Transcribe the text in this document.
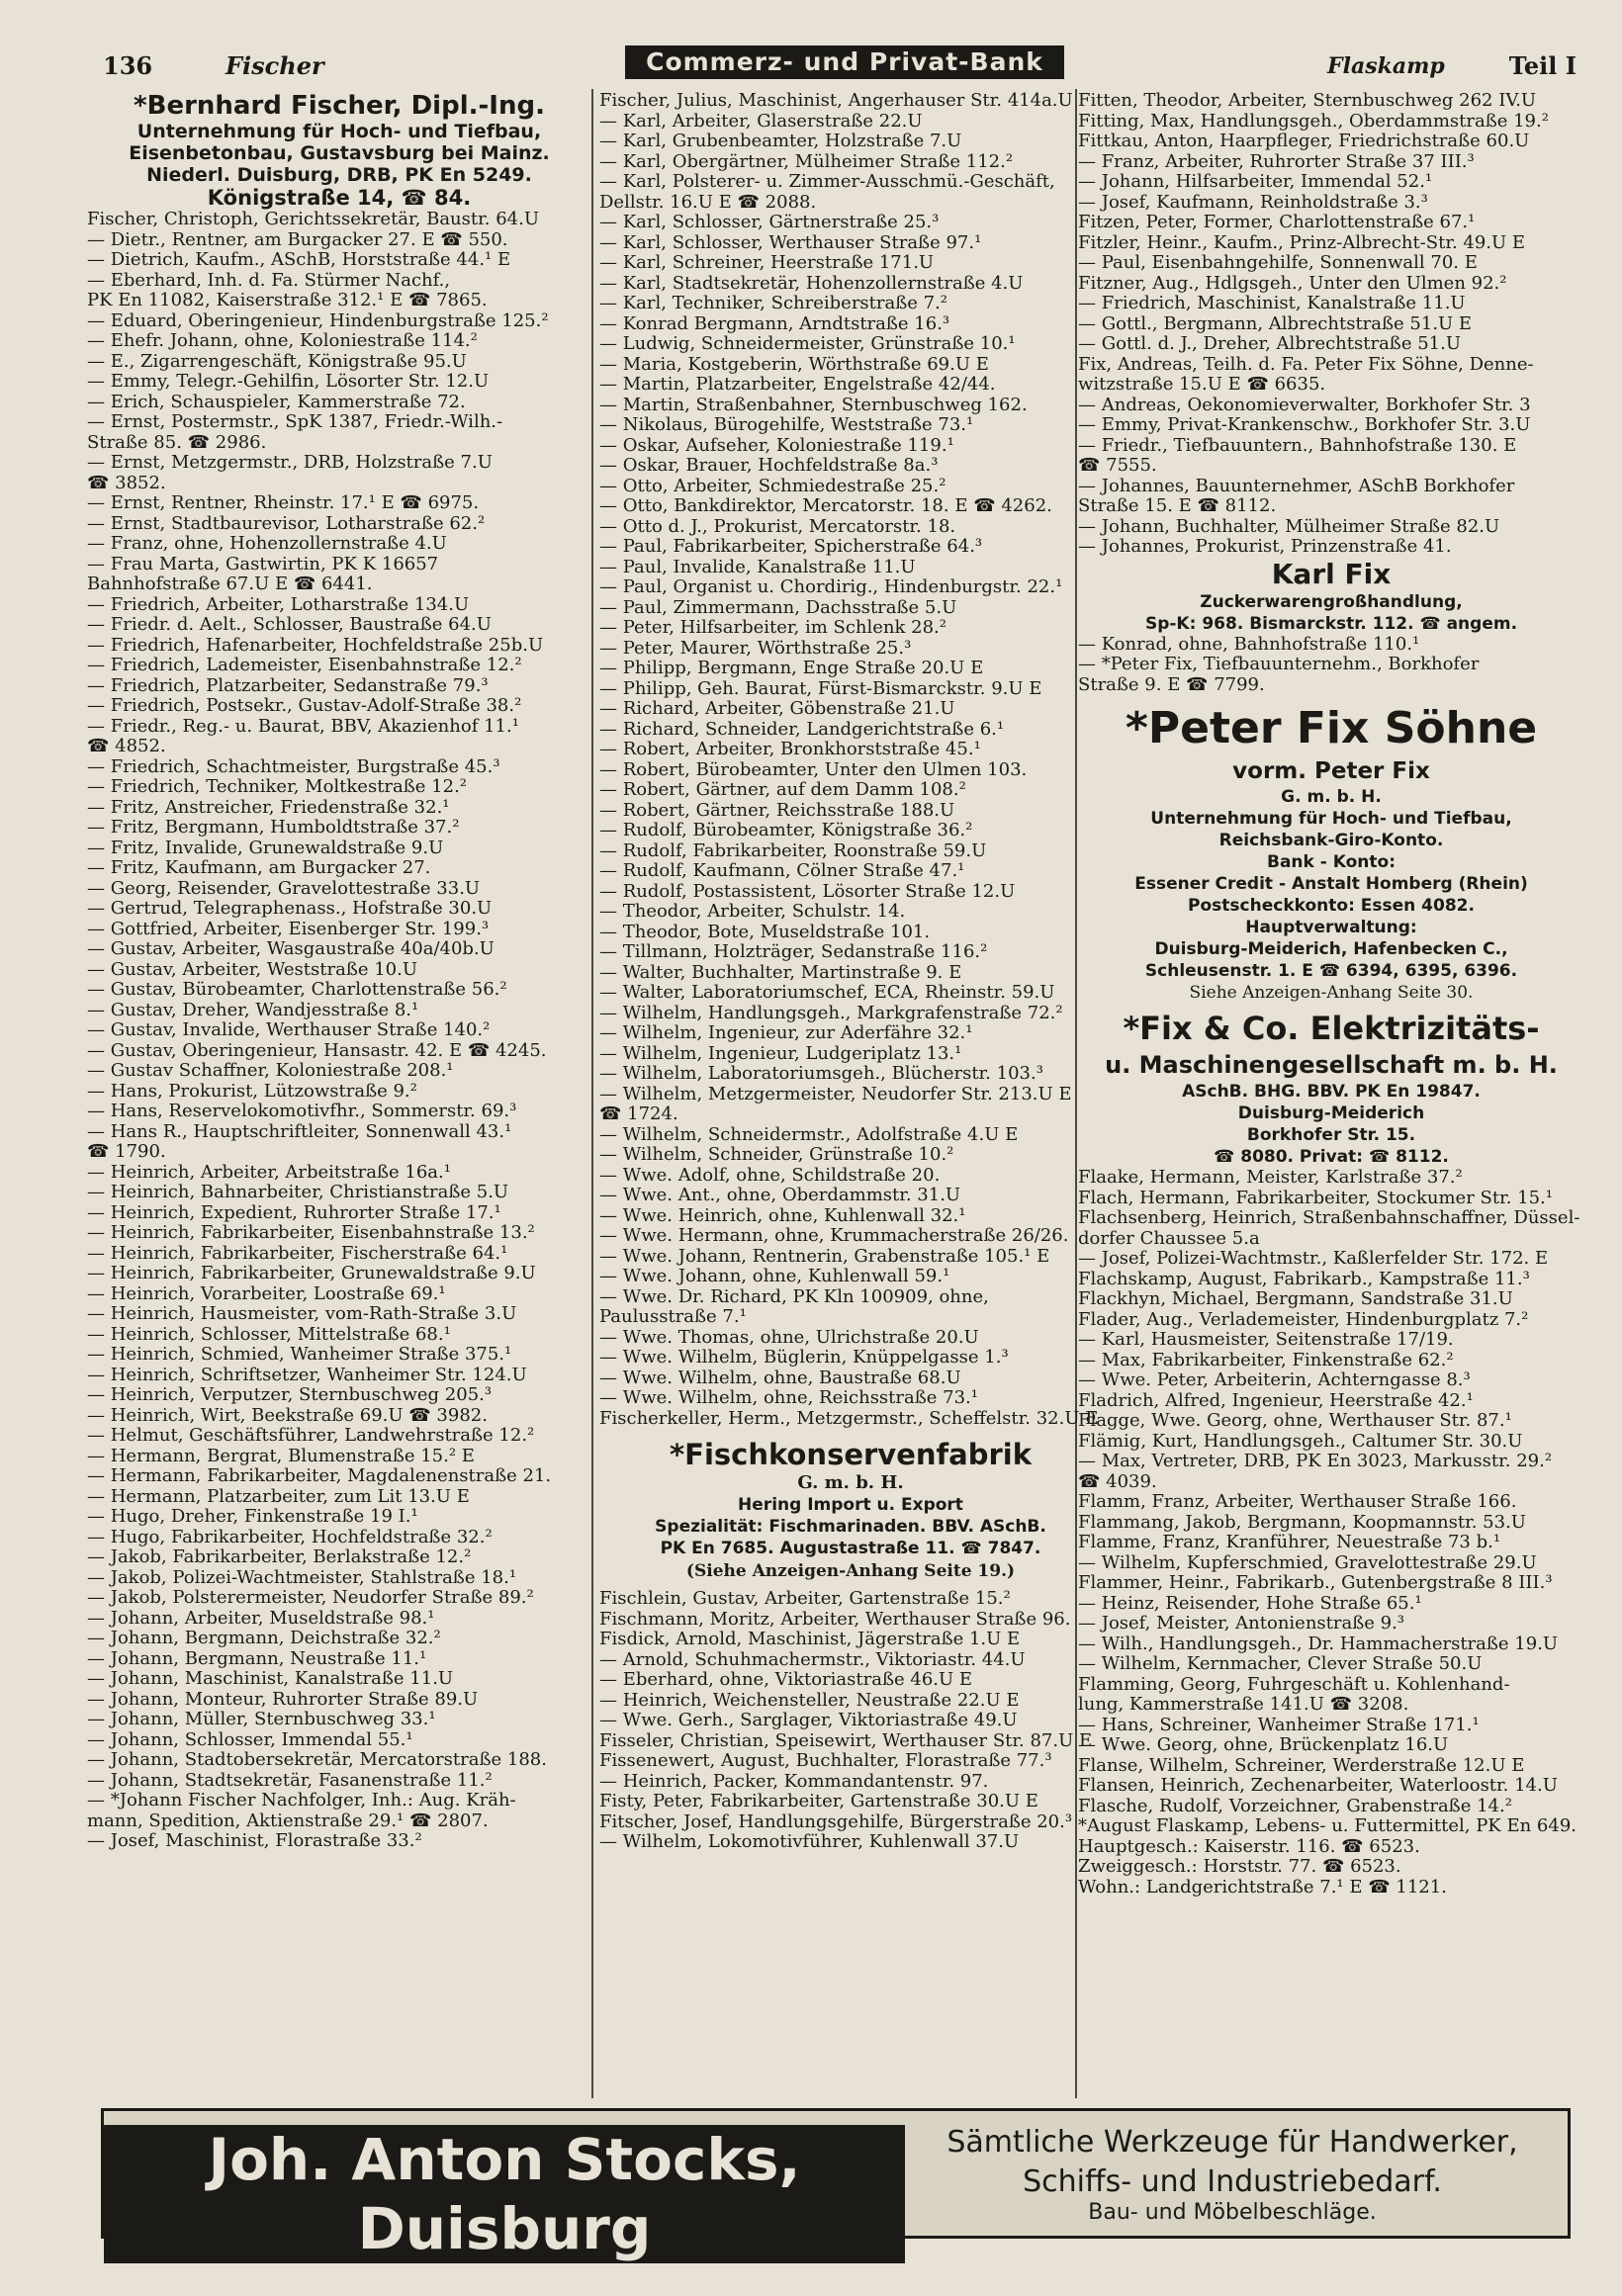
136	Fischer	Commerz- und Privat-Bank	Flaskamp	Teil I
*Bernhard Fischer, Dipl.-Ing.
Unternehmung für Hoch- und Tiefbau,
Eisenbetonbau, Gustavsburg bei Mainz.
Niederl. Duisburg, DRB, PK En 5249.
Königstraße 14, ☎ 84.
Fischer, Christoph, Gerichtssekretär, Baustr. 64.U
— Dietr., Rentner, am Burgacker 27. E ☎ 550.
— Dietrich, Kaufm., ASchB, Horststraße 44.¹ E
— Eberhard, Inh. d. Fa. Stürmer Nachf.,
PK En 11082, Kaiserstraße 312.¹ E ☎ 7865.
— Eduard, Oberingenieur, Hindenburgstraße 125.²
— Ehefr. Johann, ohne, Koloniestraße 114.²
— E., Zigarrengeschäft, Königstraße 95.U
— Emmy, Telegr.-Gehilfin, Lösorter Str. 12.U
— Erich, Schauspieler, Kammerstraße 72.
— Ernst, Postermstr., SpK 1387, Friedr.-Wilh.-
Straße 85. ☎ 2986.
— Ernst, Metzgermstr., DRB, Holzstraße 7.U
☎ 3852.
— Ernst, Rentner, Rheinstr. 17.¹ E ☎ 6975.
— Ernst, Stadtbaurevisor, Lotharstraße 62.²
— Franz, ohne, Hohenzollernstraße 4.U
— Frau Marta, Gastwirtin, PK K 16657
Bahnhofstraße 67.U E ☎ 6441.
— Friedrich, Arbeiter, Lotharstraße 134.U
— Friedr. d. Aelt., Schlosser, Baustraße 64.U
— Friedrich, Hafenarbeiter, Hochfeldstraße 25b.U
— Friedrich, Lademeister, Eisenbahnstraße 12.²
— Friedrich, Platzarbeiter, Sedanstraße 79.³
— Friedrich, Postsekr., Gustav-Adolf-Straße 38.²
— Friedr., Reg.- u. Baurat, BBV, Akazienhof 11.¹
☎ 4852.
— Friedrich, Schachtmeister, Burgstraße 45.³
— Friedrich, Techniker, Moltkestraße 12.²
— Fritz, Anstreicher, Friedenstraße 32.¹
— Fritz, Bergmann, Humboldtstraße 37.²
— Fritz, Invalide, Grunewaldstraße 9.U
— Fritz, Kaufmann, am Burgacker 27.
— Georg, Reisender, Gravelottestraße 33.U
— Gertrud, Telegraphenass., Hofstraße 30.U
— Gottfried, Arbeiter, Eisenberger Str. 199.³
— Gustav, Arbeiter, Wasgaustraße 40a/40b.U
— Gustav, Arbeiter, Weststraße 10.U
— Gustav, Bürobeamter, Charlottenstraße 56.²
— Gustav, Dreher, Wandjesstraße 8.¹
— Gustav, Invalide, Werthauser Straße 140.²
— Gustav, Oberingenieur, Hansastr. 42. E ☎ 4245.
— Gustav Schaffner, Koloniestraße 208.¹
— Hans, Prokurist, Lützowstraße 9.²
— Hans, Reservelokomotivfhr., Sommerstr. 69.³
— Hans R., Hauptschriftleiter, Sonnenwall 43.¹
☎ 1790.
— Heinrich, Arbeiter, Arbeitstraße 16a.¹
— Heinrich, Bahnarbeiter, Christianstraße 5.U
— Heinrich, Expedient, Ruhrorter Straße 17.¹
— Heinrich, Fabrikarbeiter, Eisenbahnstraße 13.²
— Heinrich, Fabrikarbeiter, Fischerstraße 64.¹
— Heinrich, Fabrikarbeiter, Grunewaldstraße 9.U
— Heinrich, Vorarbeiter, Loostraße 69.¹
— Heinrich, Hausmeister, vom-Rath-Straße 3.U
— Heinrich, Schlosser, Mittelstraße 68.¹
— Heinrich, Schmied, Wanheimer Straße 375.¹
— Heinrich, Schriftsetzer, Wanheimer Str. 124.U
— Heinrich, Verputzer, Sternbuschweg 205.³
— Heinrich, Wirt, Beekstraße 69.U ☎ 3982.
— Helmut, Geschäftsführer, Landwehrstraße 12.²
— Hermann, Bergrat, Blumenstraße 15.² E
— Hermann, Fabrikarbeiter, Magdalenenstraße 21.
— Hermann, Platzarbeiter, zum Lit 13.U E
— Hugo, Dreher, Finkenstraße 19 I.¹
— Hugo, Fabrikarbeiter, Hochfeldstraße 32.²
— Jakob, Fabrikarbeiter, Berlakstraße 12.²
— Jakob, Polizei-Wachtmeister, Stahlstraße 18.¹
— Jakob, Polsterermeister, Neudorfer Straße 89.²
— Johann, Arbeiter, Museldstraße 98.¹
— Johann, Bergmann, Deichstraße 32.²
— Johann, Bergmann, Neustraße 11.¹
— Johann, Maschinist, Kanalstraße 11.U
— Johann, Monteur, Ruhrorter Straße 89.U
— Johann, Müller, Sternbuschweg 33.¹
— Johann, Schlosser, Immendal 55.¹
— Johann, Stadtobersekretär, Mercatorstraße 188.
— Johann, Stadtsekretär, Fasanenstraße 11.²
— *Johann Fischer Nachfolger, Inh.: Aug. Kräh-
mann, Spedition, Aktienstraße 29.¹ ☎ 2807.
— Josef, Maschinist, Florastraße 33.²
Fischer, Julius, Maschinist, Angerhauser Str. 414a.U
— Karl, Arbeiter, Glaserstraße 22.U
— Karl, Grubenbeamter, Holzstraße 7.U
— Karl, Obergärtner, Mülheimer Straße 112.²
— Karl, Polsterer- u. Zimmer-Ausschmü.-Geschäft,
Dellstr. 16.U E ☎ 2088.
— Karl, Schlosser, Gärtnerstraße 25.³
— Karl, Schlosser, Werthauser Straße 97.¹
— Karl, Schreiner, Heerstraße 171.U
— Karl, Stadtsekretär, Hohenzollernstraße 4.U
— Karl, Techniker, Schreiberstraße 7.²
— Konrad Bergmann, Arndtstraße 16.³
— Ludwig, Schneidermeister, Grünstraße 10.¹
— Maria, Kostgeberin, Wörthstraße 69.U E
— Martin, Platzarbeiter, Engelstraße 42/44.
— Martin, Straßenbahner, Sternbuschweg 162.
— Nikolaus, Bürogehilfe, Weststraße 73.¹
— Oskar, Aufseher, Koloniestraße 119.¹
— Oskar, Brauer, Hochfeldstraße 8a.³
— Otto, Arbeiter, Schmiedestraße 25.²
— Otto, Bankdirektor, Mercatorstr. 18. E ☎ 4262.
— Otto d. J., Prokurist, Mercatorstr. 18.
— Paul, Fabrikarbeiter, Spicherstraße 64.³
— Paul, Invalide, Kanalstraße 11.U
— Paul, Organist u. Chordirig., Hindenburgstr. 22.¹
— Paul, Zimmermann, Dachsstraße 5.U
— Peter, Hilfsarbeiter, im Schlenk 28.²
— Peter, Maurer, Wörthstraße 25.³
— Philipp, Bergmann, Enge Straße 20.U E
— Philipp, Geh. Baurat, Fürst-Bismarckstr. 9.U E
— Richard, Arbeiter, Göbenstraße 21.U
— Richard, Schneider, Landgerichtstraße 6.¹
— Robert, Arbeiter, Bronkhorststraße 45.¹
— Robert, Bürobeamter, Unter den Ulmen 103.
— Robert, Gärtner, auf dem Damm 108.²
— Robert, Gärtner, Reichsstraße 188.U
— Rudolf, Bürobeamter, Königstraße 36.²
— Rudolf, Fabrikarbeiter, Roonstraße 59.U
— Rudolf, Kaufmann, Cölner Straße 47.¹
— Rudolf, Postassistent, Lösorter Straße 12.U
— Theodor, Arbeiter, Schulstr. 14.
— Theodor, Bote, Museldstraße 101.
— Tillmann, Holzträger, Sedanstraße 116.²
— Walter, Buchhalter, Martinstraße 9. E
— Walter, Laboratoriumschef, ECA, Rheinstr. 59.U
— Wilhelm, Handlungsgeh., Markgrafenstraße 72.²
— Wilhelm, Ingenieur, zur Aderfähre 32.¹
— Wilhelm, Ingenieur, Ludgeriplatz 13.¹
— Wilhelm, Laboratoriumsgeh., Blücherstr. 103.³
— Wilhelm, Metzgermeister, Neudorfer Str. 213.U E
☎ 1724.
— Wilhelm, Schneidermstr., Adolfstraße 4.U E
— Wilhelm, Schneider, Grünstraße 10.²
— Wwe. Adolf, ohne, Schildstraße 20.
— Wwe. Ant., ohne, Oberdammstr. 31.U
— Wwe. Heinrich, ohne, Kuhlenwall 32.¹
— Wwe. Hermann, ohne, Krummacherstraße 26/26.
— Wwe. Johann, Rentnerin, Grabenstraße 105.¹ E
— Wwe. Johann, ohne, Kuhlenwall 59.¹
— Wwe. Dr. Richard, PK Kln 100909, ohne,
Paulusstraße 7.¹
— Wwe. Thomas, ohne, Ulrichstraße 20.U
— Wwe. Wilhelm, Büglerin, Knüppelgasse 1.³
— Wwe. Wilhelm, ohne, Baustraße 68.U
— Wwe. Wilhelm, ohne, Reichsstraße 73.¹
Fischerkeller, Herm., Metzgermstr., Scheffelstr. 32.U E
*Fischkonservenfabrik
G. m. b. H.
Hering Import u. Export
Spezialität: Fischmarinaden. BBV. ASchB.
PK En 7685. Augustastraße 11. ☎ 7847.
(Siehe Anzeigen-Anhang Seite 19.)
Fischlein, Gustav, Arbeiter, Gartenstraße 15.²
Fischmann, Moritz, Arbeiter, Werthauser Straße 96.
Fisdick, Arnold, Maschinist, Jägerstraße 1.U E
— Arnold, Schuhmachermstr., Viktoriastr. 44.U
— Eberhard, ohne, Viktoriastraße 46.U E
— Heinrich, Weichensteller, Neustraße 22.U E
— Wwe. Gerh., Sarglager, Viktoriastraße 49.U
Fisseler, Christian, Speisewirt, Werthauser Str. 87.U E
Fissenewert, August, Buchhalter, Florastraße 77.³
— Heinrich, Packer, Kommandantenstr. 97.
Fisty, Peter, Fabrikarbeiter, Gartenstraße 30.U E
Fitscher, Josef, Handlungsgehilfe, Bürgerstraße 20.³
— Wilhelm, Lokomotivführer, Kuhlenwall 37.U
Fitten, Theodor, Arbeiter, Sternbuschweg 262 IV.U
Fitting, Max, Handlungsgeh., Oberdammstraße 19.²
Fittkau, Anton, Haarpfleger, Friedrichstraße 60.U
— Franz, Arbeiter, Ruhrorter Straße 37 III.³
— Johann, Hilfsarbeiter, Immendal 52.¹
— Josef, Kaufmann, Reinholdstraße 3.³
Fitzen, Peter, Former, Charlottenstraße 67.¹
Fitzler, Heinr., Kaufm., Prinz-Albrecht-Str. 49.U E
— Paul, Eisenbahngehilfe, Sonnenwall 70. E
Fitzner, Aug., Hdlgsgeh., Unter den Ulmen 92.²
— Friedrich, Maschinist, Kanalstraße 11.U
— Gottl., Bergmann, Albrechtstraße 51.U E
— Gottl. d. J., Dreher, Albrechtstraße 51.U
Fix, Andreas, Teilh. d. Fa. Peter Fix Söhne, Denne-
witzstraße 15.U E ☎ 6635.
— Andreas, Oekonomieverwalter, Borkhofer Str. 3
— Emmy, Privat-Krankenschw., Borkhofer Str. 3.U
— Friedr., Tiefbauuntern., Bahnhofstraße 130. E
☎ 7555.
— Johannes, Bauunternehmer, ASchB Borkhofer
Straße 15. E ☎ 8112.
— Johann, Buchhalter, Mülheimer Straße 82.U
— Johannes, Prokurist, Prinzenstraße 41.
Karl Fix
Zuckerwarengroßhandlung,
Sp-K: 968. Bismarckstr. 112. ☎ angem.
— Konrad, ohne, Bahnhofstraße 110.¹
— *Peter Fix, Tiefbauunternehm., Borkhofer
Straße 9. E ☎ 7799.
*Peter Fix Söhne
vorm. Peter Fix
G. m. b. H.
Unternehmung für Hoch- und Tiefbau,
Reichsbank-Giro-Konto.
Bank - Konto:
Essener Credit - Anstalt Homberg (Rhein)
Postscheckkonto: Essen 4082.
Hauptverwaltung:
Duisburg-Meiderich, Hafenbecken C.,
Schleusenstr. 1. E ☎ 6394, 6395, 6396.
Siehe Anzeigen-Anhang Seite 30.
*Fix & Co. Elektrizitäts-
u. Maschinengesellschaft m. b. H.
ASchB. BHG. BBV. PK En 19847.
Duisburg-Meiderich
Borkhofer Str. 15.
☎ 8080. Privat: ☎ 8112.
Flaake, Hermann, Meister, Karlstraße 37.²
Flach, Hermann, Fabrikarbeiter, Stockumer Str. 15.¹
Flachsenberg, Heinrich, Straßenbahnschaffner, Düssel-
dorfer Chaussee 5.a
— Josef, Polizei-Wachtmstr., Kaßlerfelder Str. 172. E
Flachskamp, August, Fabrikarb., Kampstraße 11.³
Flackhyn, Michael, Bergmann, Sandstraße 31.U
Flader, Aug., Verlademeister, Hindenburgplatz 7.²
— Karl, Hausmeister, Seitenstraße 17/19.
— Max, Fabrikarbeiter, Finkenstraße 62.²
— Wwe. Peter, Arbeiterin, Achterngasse 8.³
Fladrich, Alfred, Ingenieur, Heerstraße 42.¹
Flagge, Wwe. Georg, ohne, Werthauser Str. 87.¹
Flämig, Kurt, Handlungsgeh., Caltumer Str. 30.U
— Max, Vertreter, DRB, PK En 3023, Markusstr. 29.²
☎ 4039.
Flamm, Franz, Arbeiter, Werthauser Straße 166.
Flammang, Jakob, Bergmann, Koopmannstr. 53.U
Flamme, Franz, Kranführer, Neuestraße 73 b.¹
— Wilhelm, Kupferschmied, Gravelottestraße 29.U
Flammer, Heinr., Fabrikarb., Gutenbergstraße 8 III.³
— Heinz, Reisender, Hohe Straße 65.¹
— Josef, Meister, Antonienstraße 9.³
— Wilh., Handlungsgeh., Dr. Hammacherstraße 19.U
— Wilhelm, Kernmacher, Clever Straße 50.U
Flamming, Georg, Fuhrgeschäft u. Kohlenhand-
lung, Kammerstraße 141.U ☎ 3208.
— Hans, Schreiner, Wanheimer Straße 171.¹
— Wwe. Georg, ohne, Brückenplatz 16.U
Flanse, Wilhelm, Schreiner, Werderstraße 12.U E
Flansen, Heinrich, Zechenarbeiter, Waterloostr. 14.U
Flasche, Rudolf, Vorzeichner, Grabenstraße 14.²
*August Flaskamp, Lebens- u. Futtermittel, PK En 649.
Hauptgesch.: Kaiserstr. 116. ☎ 6523.
Zweiggesch.: Horststr. 77. ☎ 6523.
Wohn.: Landgerichtstraße 7.¹ E ☎ 1121.
Joh. Anton Stocks, Duisburg
Kasinostrasse 5.	Fernsprecher 234.
Sämtliche Werkzeuge für Handwerker,
Schiffs- und Industriebedarf.
Bau- und Möbelbeschläge.
